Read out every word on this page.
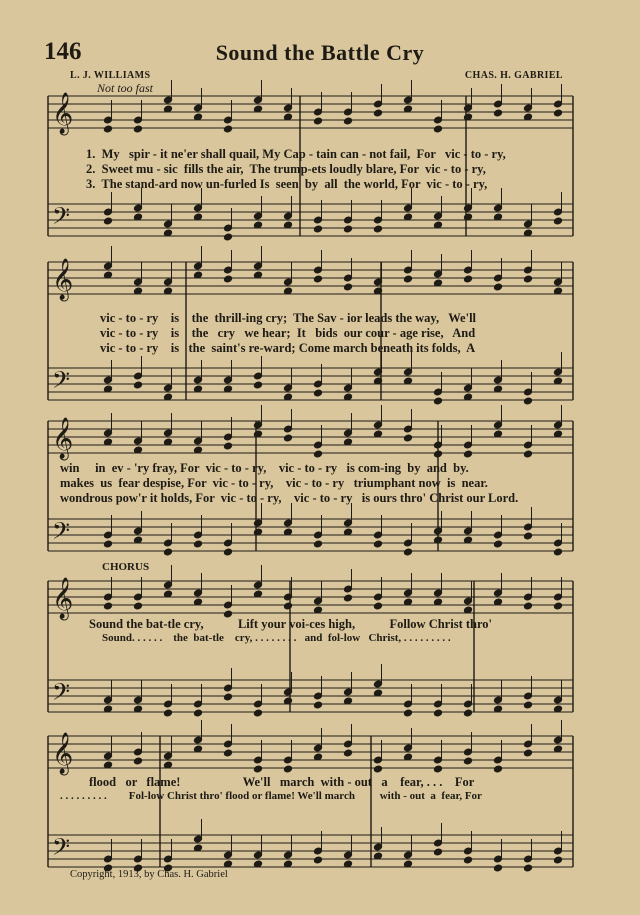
146	Sound the Battle Cry
L. J. WILLIAMS	CHAS. H. GABRIEL
Not too fast
𝄞
𝄢
𝄞
𝄢
𝄞
𝄢
𝄞
𝄢
𝄞
𝄢
1.  My   spir - it ne'er shall quail, My Cap - tain can - not fail,  For   vic - to - ry,
2.  Sweet mu - sic  fills the air,  The trump-ets loudly blare, For  vic - to - ry,
3.  The stand-ard now un-furled Is  seen  by  all  the world, For  vic - to - ry,
vic - to - ry    is    the  thrill-ing cry;  The Sav - ior leads the way,   We'll
vic - to - ry    is    the   cry   we hear;  It   bids  our cour - age rise,   And
vic - to - ry    is   the  saint's re-ward; Come march beneath its folds,  A
win     in  ev - 'ry fray, For  vic - to - ry,    vic - to - ry   is com-ing  by  and  by.
makes  us  fear despise, For  vic - to - ry,    vic - to - ry   triumphant now  is  near.
wondrous pow'r it holds, For  vic - to - ry,    vic - to - ry   is ours thro' Christ our Lord.
CHORUS
Sound the bat-tle cry,           Lift your voi-ces high,           Follow Christ thro'
Sound. . . . . .    the  bat-tle    cry, . . . . . . . .   and  fol-low   Christ, . . . . . . . . .
flood   or   flame!                    We'll   march  with - out   a    fear, . . .    For
. . . . . . . . .        Fol-low Christ thro' flood or flame! We'll march         with - out  a  fear, For
Copyright, 1913, by Chas. H. Gabriel
